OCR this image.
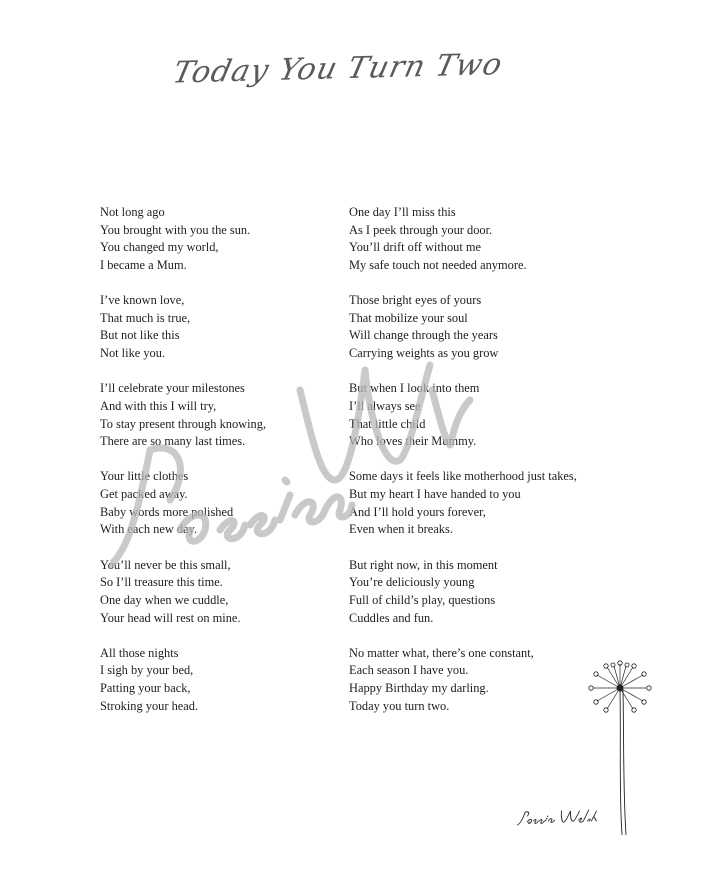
Today You Turn Two
Not long ago
You brought with you the sun.
You changed my world,
I became a Mum.
I’ve known love,
That much is true,
But not like this
Not like you.
I’ll celebrate your milestones
And with this I will try,
To stay present through knowing,
There are so many last times.
Your little clothes
Get packed away.
Baby words more polished
With each new day.
You’ll never be this small,
So I’ll treasure this time.
One day when we cuddle,
Your head will rest on mine.
All those nights
I sigh by your bed,
Patting your back,
Stroking your head.
One day I’ll miss this
As I peek through your door.
You’ll drift off without me
My safe touch not needed anymore.
Those bright eyes of yours
That mobilize your soul
Will change through the years
Carrying weights as you grow
But when I look into them
I’ll always see
That little child
Who loves their Mummy.
Some days it feels like motherhood just takes,
But my heart I have handed to you
And I’ll hold yours forever,
Even when it breaks.
But right now, in this moment
You’re deliciously young
Full of child’s play, questions
Cuddles and fun.
No matter what, there’s one constant,
Each season I have you.
Happy Birthday my darling.
Today you turn two.
